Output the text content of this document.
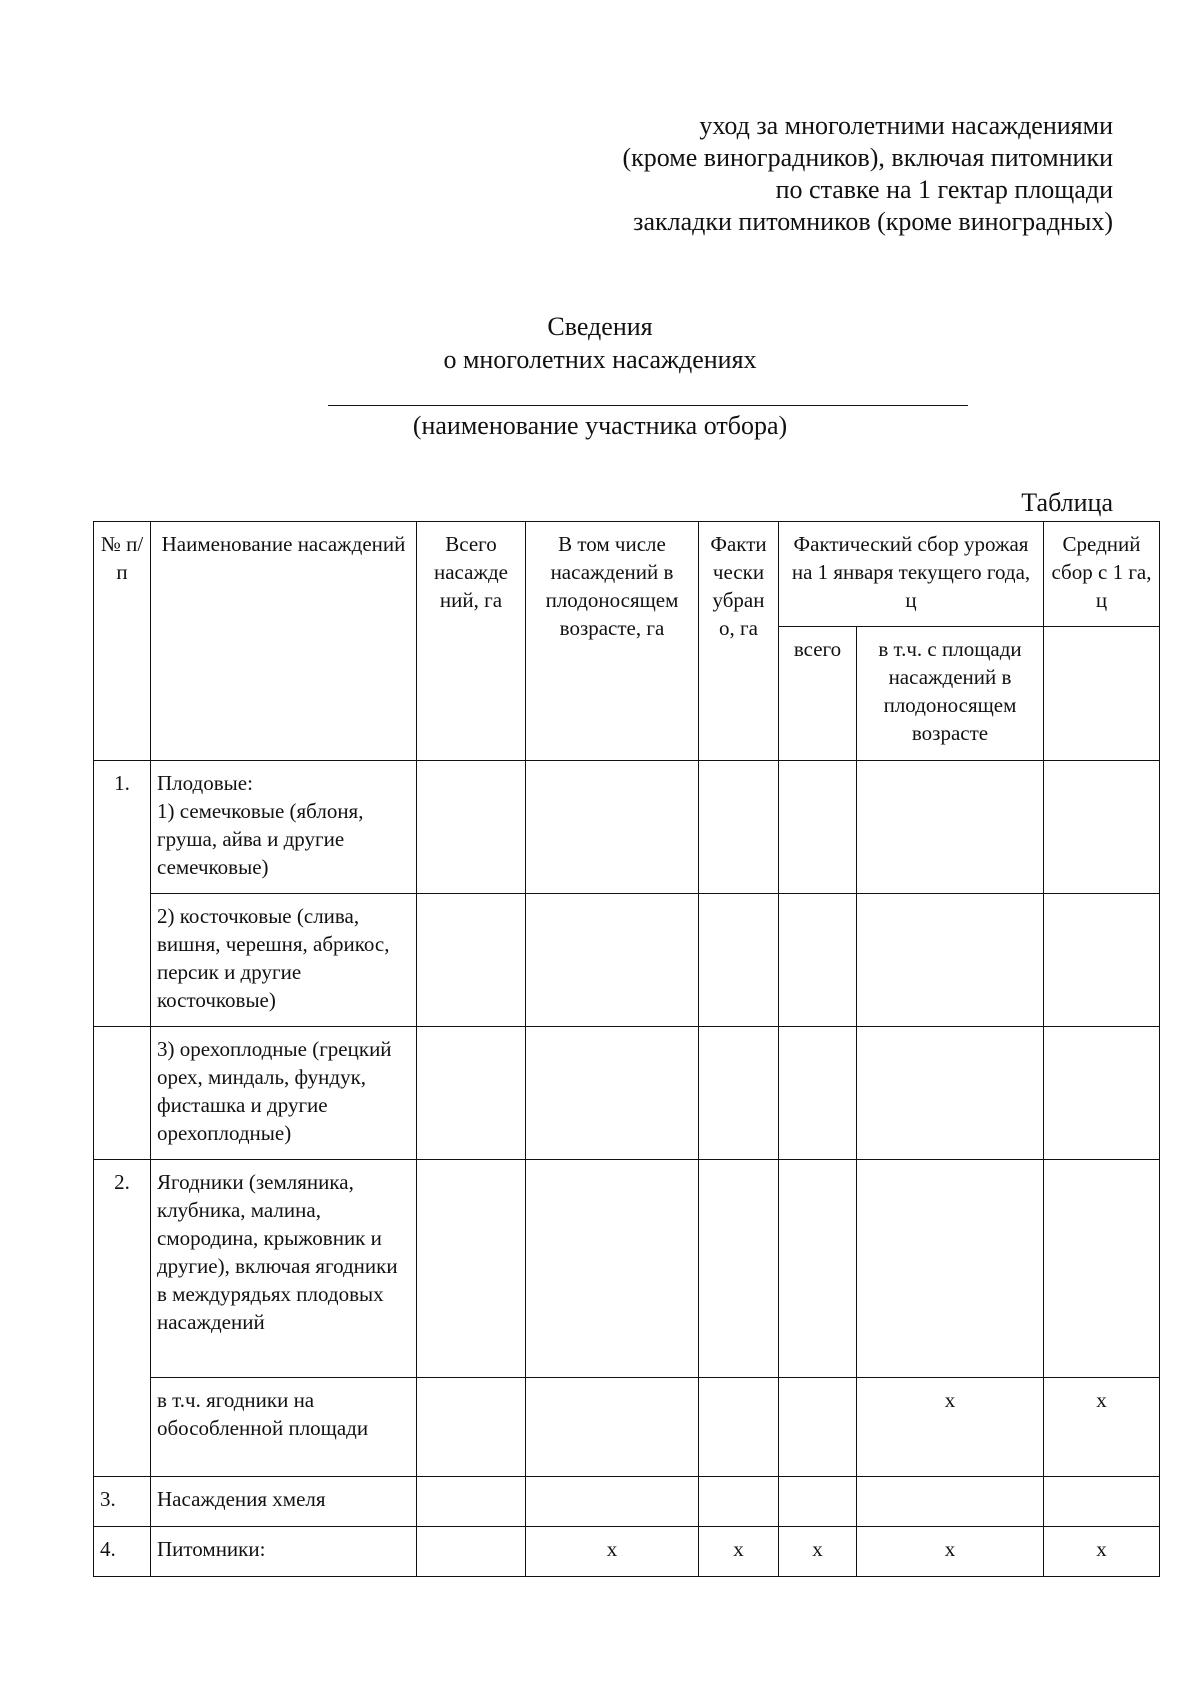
уход за многолетними насаждениями
(кроме виноградников), включая питомники
по ставке на 1 гектар площади
закладки питомников (кроме виноградных)
Сведения
о многолетних насаждениях
(наименование участника отбора)
Таблица
№ п/п	Наименование насаждений	Всего насажде ний, га	В том числе насаждений в плодоносящем возрасте, га	Факти чески убран о, га	Фактический сбор урожая на 1 января текущего года, ц		Средний сбор с 1 га, ц
					всего	в т.ч. с площади насаждений в плодоносящем возрасте	
1.	Плодовые:
1) семечковые (яблоня, груша, айва и другие семечковые)						
	2) косточковые (слива, вишня, черешня, абрикос, персик и другие косточковые)						
	3) орехоплодные (грецкий орех, миндаль, фундук, фисташка и другие орехоплодные)						
2.	Ягодники (земляника, клубника, малина, смородина, крыжовник и другие), включая ягодники в междурядьях плодовых насаждений						
	в т.ч. ягодники на обособленной площади					х	х
3.	Насаждения хмеля						
4.	Питомники:		х	х	х	х	х
